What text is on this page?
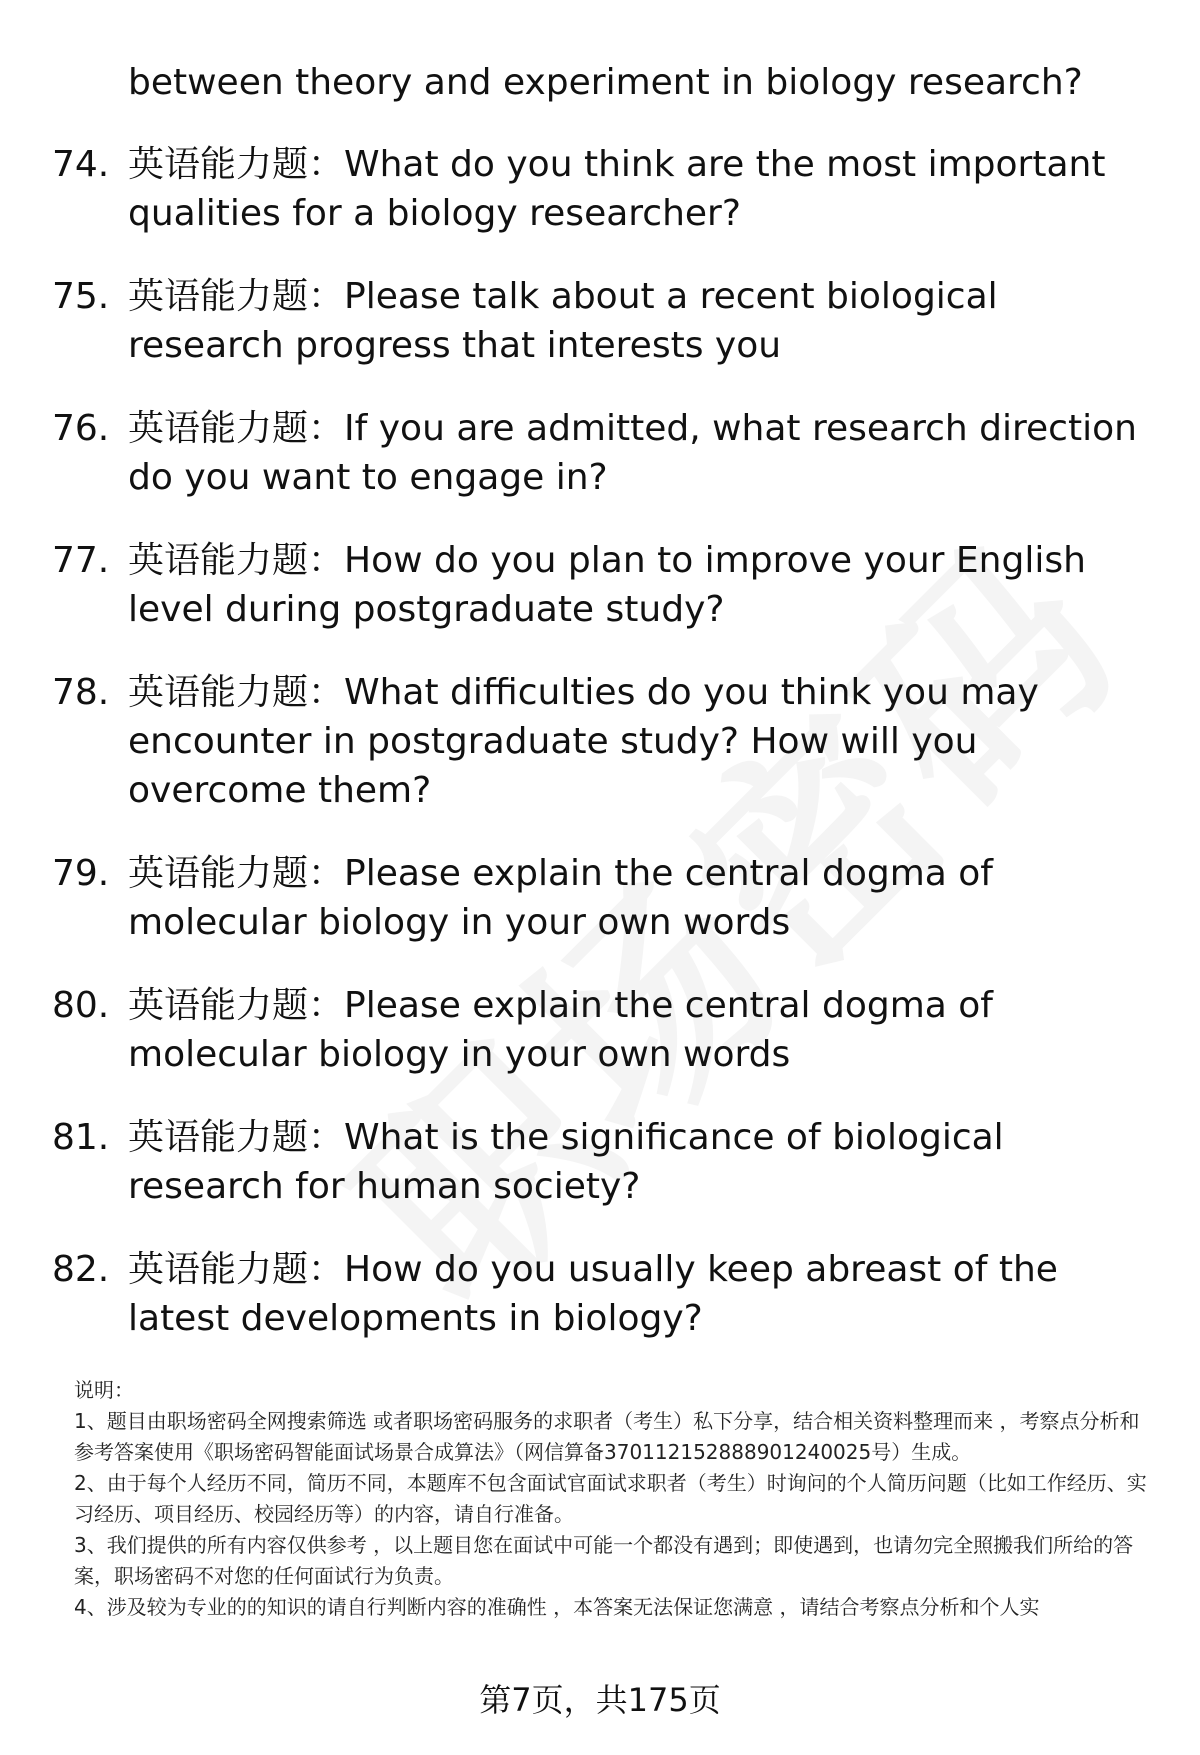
between theory and experiment in biology research?
74. 英语能力题：What do you think are the most important qualities for a biology researcher?
75. 英语能力题：Please talk about a recent biological research progress that interests you
76. 英语能力题：If you are admitted, what research direction do you want to engage in?
77. 英语能力题：How do you plan to improve your English level during postgraduate study?
78. 英语能力题：What difficulties do you think you may encounter in postgraduate study? How will you overcome them?
79. 英语能力题：Please explain the central dogma of molecular biology in your own words
80. 英语能力题：Please explain the central dogma of molecular biology in your own words
81. 英语能力题：What is the significance of biological research for human society?
82. 英语能力题：How do you usually keep abreast of the latest developments in biology?

说明：

1、题目由职场密码全网搜索筛选 或者职场密码服务的求职者（考生）私下分享，结合相关资料整理而来 ，考察点分析和参考答案使用《职场密码智能面试场景合成算法》（网信算备370112152888901240025号）生成。

2、由于每个人经历不同，简历不同，本题库不包含面试官面试求职者（考生）时询问的个人简历问题（比如工作经历、实习经历、项目经历、校园经历等）的内容，请自行准备。

3、我们提供的所有内容仅供参考 ，以上题目您在面试中可能一个都没有遇到；即使遇到，也请勿完全照搬我们所给的答案，职场密码不对您的任何面试行为负责。

4、涉及较为专业的的知识的请自行判断内容的准确性 ，本答案无法保证您满意 ，请结合考察点分析和个人实

第7页，共175页
